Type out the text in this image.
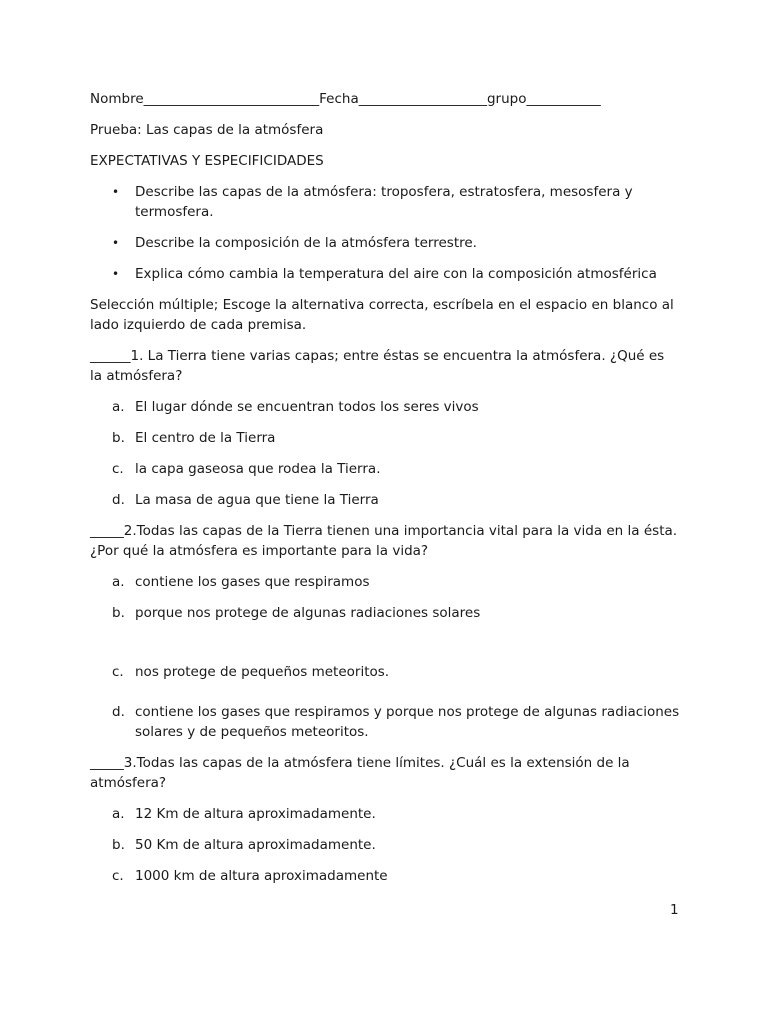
Nombre__________________________Fecha___________________grupo___________

Prueba: Las capas de la atmósfera

EXPECTATIVAS Y ESPECIFICIDADES

• Describe las capas de la atmósfera: troposfera, estratosfera, mesosfera y termosfera.
• Describe la composición de la atmósfera terrestre.
• Explica cómo cambia la temperatura del aire con la composición atmosférica

Selección múltiple; Escoge la alternativa correcta, escríbela en el espacio en blanco al lado izquierdo de cada premisa.

______1. La Tierra tiene varias capas; entre éstas se encuentra la atmósfera. ¿Qué es la atmósfera?

a. El lugar dónde se encuentran todos los seres vivos
b. El centro de la Tierra
c. la capa gaseosa que rodea la Tierra.
d. La masa de agua que tiene la Tierra

_____2.Todas las capas de la Tierra tienen una importancia vital para la vida en la ésta. ¿Por qué la atmósfera es importante para la vida?

a. contiene los gases que respiramos
b. porque nos protege de algunas radiaciones solares
c. nos protege de pequeños meteoritos.
d. contiene los gases que respiramos y porque nos protege de algunas radiaciones solares y de pequeños meteoritos.

_____3.Todas las capas de la atmósfera tiene límites. ¿Cuál es la extensión de la atmósfera?

a. 12 Km de altura aproximadamente.
b. 50 Km de altura aproximadamente.
c. 1000 km de altura aproximadamente
1
